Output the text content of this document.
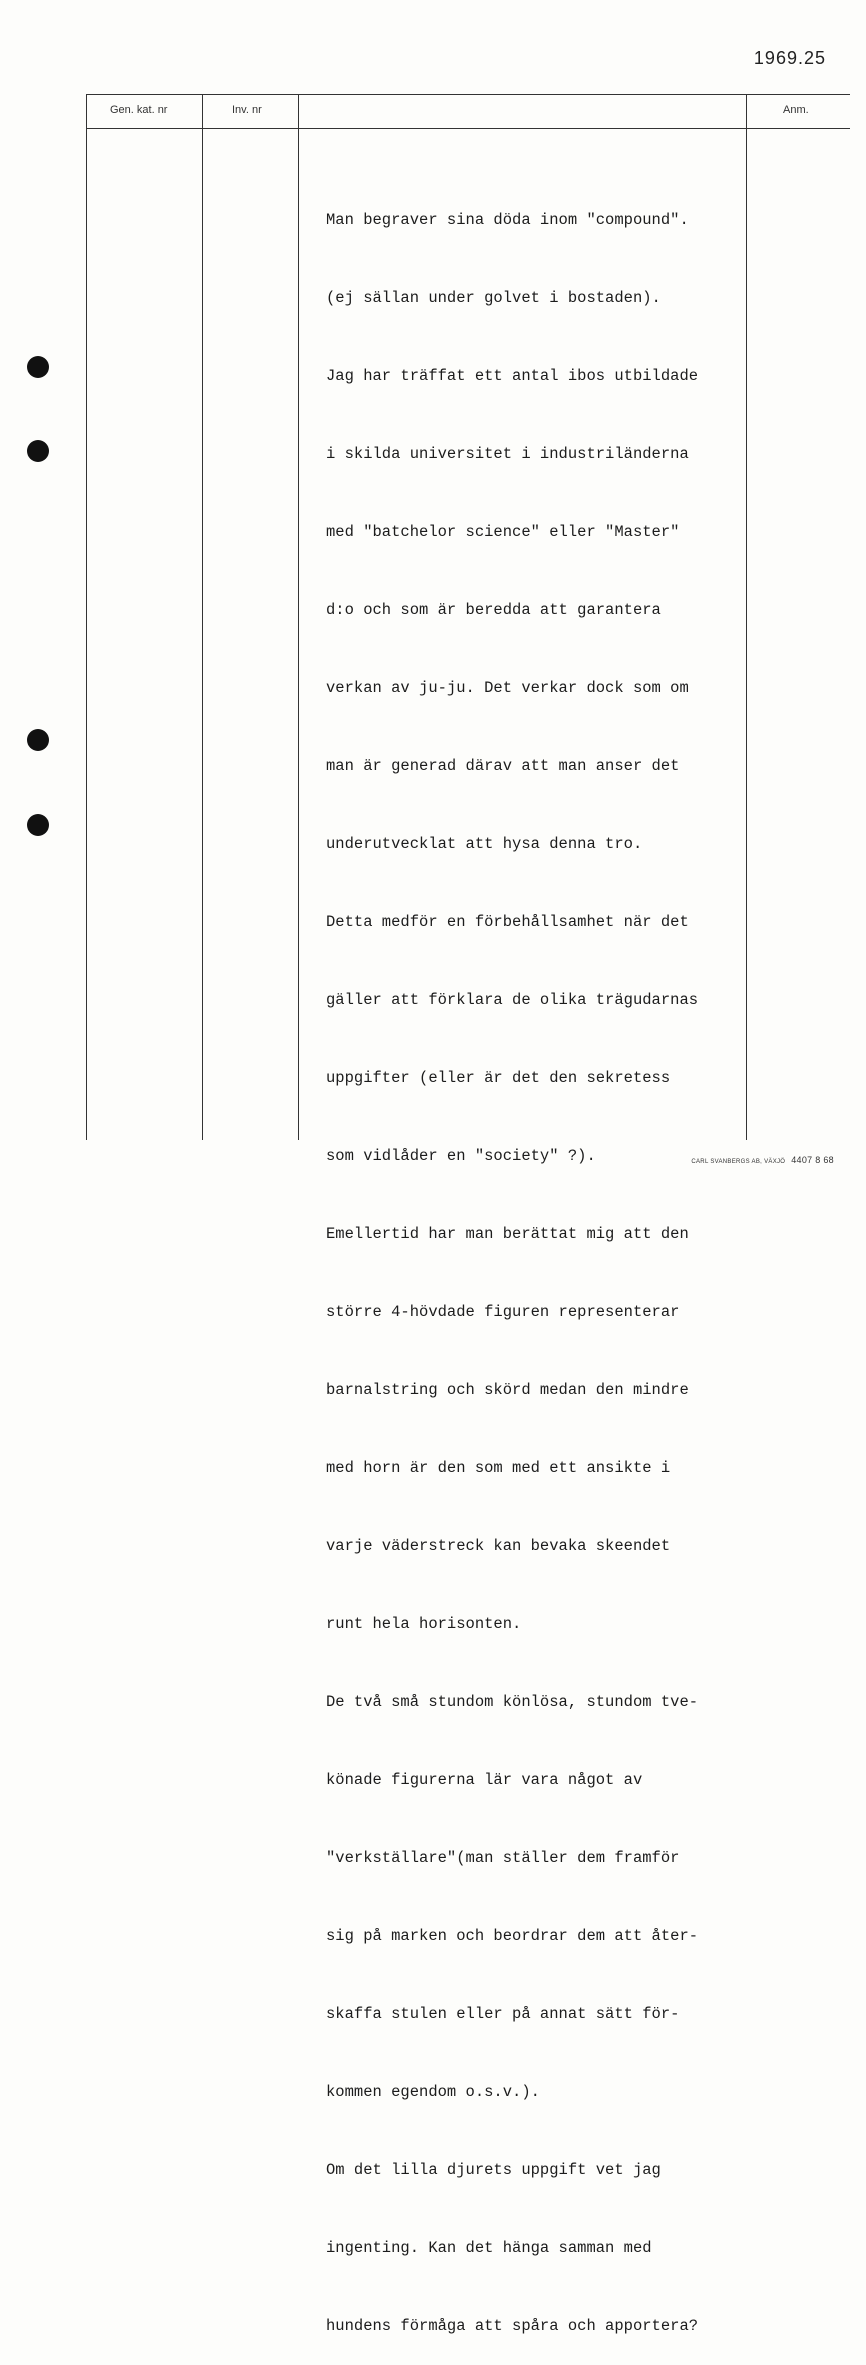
1969.25
Gen. kat. nr	Inv. nr	Anm.

Man begraver sina döda inom "compound".

(ej sällan under golvet i bostaden).

Jag har träffat ett antal ibos utbildade

i skilda universitet i industriländerna

med "batchelor science" eller "Master"

d:o och som är beredda att garantera

verkan av ju-ju. Det verkar dock som om

man är generad därav att man anser det

underutvecklat att hysa denna tro.

Detta medför en förbehållsamhet när det

gäller att förklara de olika trägudarnas

uppgifter (eller är det den sekretess

som vidlåder en "society" ?).

Emellertid har man berättat mig att den

större 4-hövdade figuren representerar

barnalstring och skörd medan den mindre

med horn är den som med ett ansikte i

varje väderstreck kan bevaka skeendet

runt hela horisonten.

De två små stundom könlösa, stundom tve-

könade figurerna lär vara något av

"verkställare"(man ställer dem framför

sig på marken och beordrar dem att åter-

skaffa stulen eller på annat sätt för-

kommen egendom o.s.v.).

Om det lilla djurets uppgift vet jag

ingenting. Kan det hänga samman med

hundens förmåga att spåra och apportera?

CARL SVANBERGS AB, VÄXJÖ 4407 8 68
